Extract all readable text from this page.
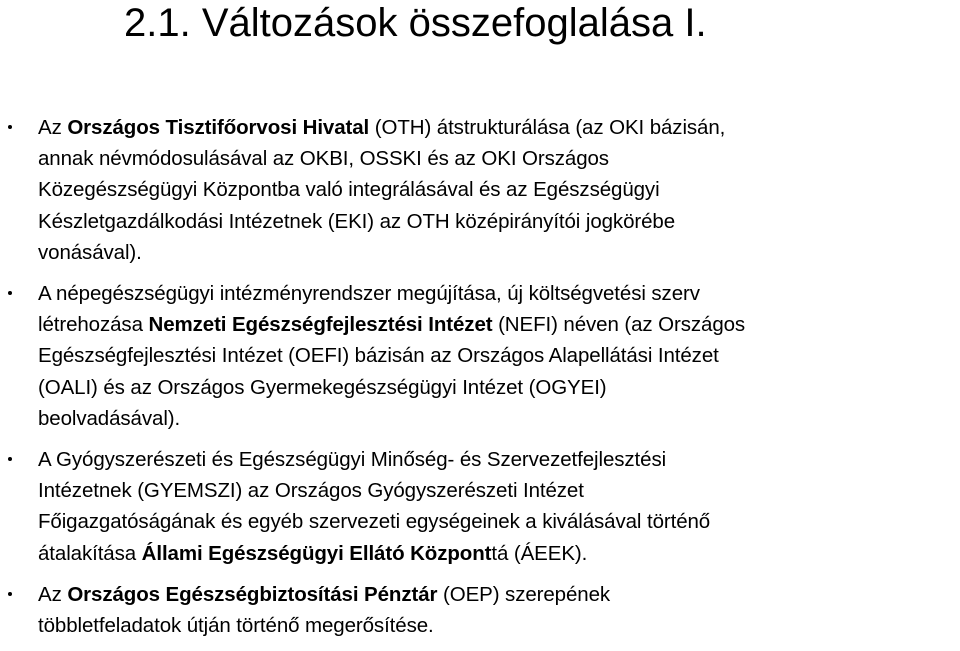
2.1. Változások összefoglalása I.
Az Országos Tisztifőorvosi Hivatal (OTH) átstrukturálása (az OKI bázisán,
annak névmódosulásával az OKBI, OSSKI és az OKI Országos
Közegészségügyi Központba való integrálásával és az Egészségügyi
Készletgazdálkodási Intézetnek (EKI) az OTH középirányítói jogkörébe
vonásával).
A népegészségügyi intézményrendszer megújítása, új költségvetési szerv
létrehozása Nemzeti Egészségfejlesztési Intézet (NEFI) néven (az Országos
Egészségfejlesztési Intézet (OEFI) bázisán az Országos Alapellátási Intézet
(OALI) és az Országos Gyermekegészségügyi Intézet (OGYEI)
beolvadásával).
A Gyógyszerészeti és Egészségügyi Minőség- és Szervezetfejlesztési
Intézetnek (GYEMSZI) az Országos Gyógyszerészeti Intézet
Főigazgatóságának és egyéb szervezeti egységeinek a kiválásával történő
átalakítása Állami Egészségügyi Ellátó Központtá (ÁEEK).
Az Országos Egészségbiztosítási Pénztár (OEP) szerepének
többletfeladatok útján történő megerősítése.
